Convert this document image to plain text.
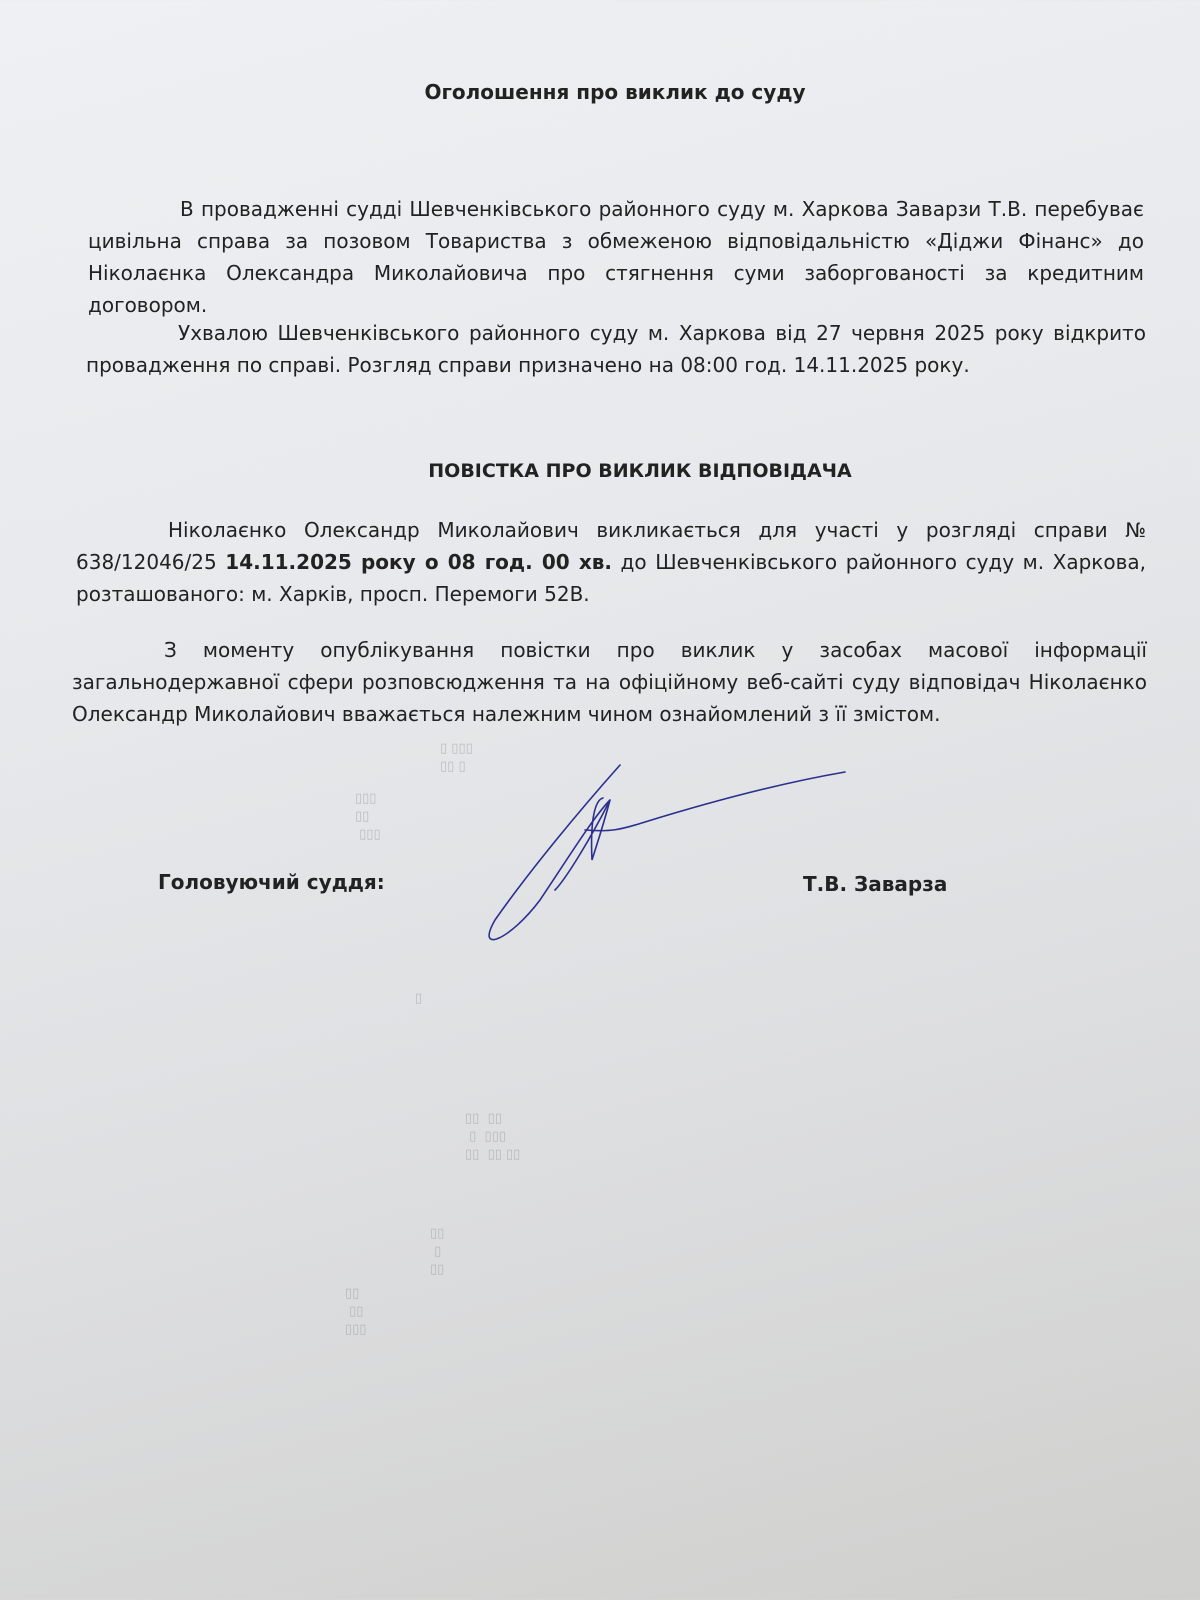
▯▯▯
▯▯
▯▯▯
▯ ▯▯▯
▯▯ ▯
▯
▯▯  ▯▯
▯  ▯▯▯
▯▯  ▯▯ ▯▯
▯▯
▯▯
▯▯▯
▯▯
▯
▯▯
Оголошення про виклик до суду
В провадженні судді Шевченківського районного суду м. Харкова Заварзи Т.В. перебуває цивільна справа за позовом Товариства з обмеженою відповідальністю «Діджи Фінанс» до Ніколаєнка Олександра Миколайовича про стягнення суми заборгованості за кредитним договором.
Ухвалою Шевченківського районного суду м. Харкова від 27 червня 2025 року відкрито провадження по справі. Розгляд справи призначено на 08:00 год. 14.11.2025 року.
ПОВІСТКА ПРО ВИКЛИК ВІДПОВІДАЧА
Ніколаєнко Олександр Миколайович викликається для участі у розгляді справи № 638/12046/25 14.11.2025 року о 08 год. 00 хв. до Шевченківського районного суду м. Харкова, розташованого: м. Харків, просп. Перемоги 52В.
З моменту опублікування повістки про виклик у засобах масової інформації загальнодержавної сфери розповсюдження та на офіційному веб-сайті суду відповідач Ніколаєнко Олександр Миколайович вважається належним чином ознайомлений з її змістом.
Головуючий суддя:	Т.В. Заварза
